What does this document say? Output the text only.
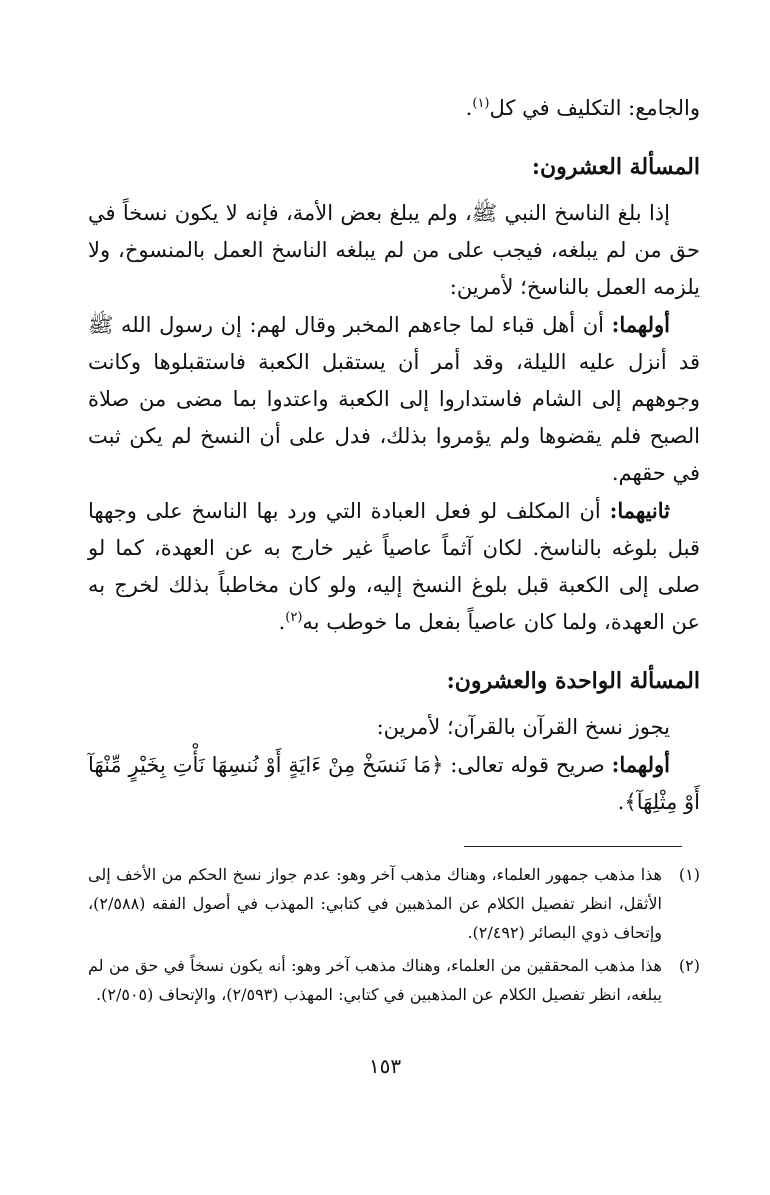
والجامع: التكليف في كل$^{(١)}$.

المسألة العشرون:

إذا بلغ الناسخ النبي ﷺ، ولم يبلغ بعض الأمة، فإنه لا يكون نسخاً في حق من لم يبلغه، فيجب على من لم يبلغه الناسخ العمل بالمنسوخ، ولا يلزمه العمل بالناسخ؛ لأمرين:

أولهما: أن أهل قباء لما جاءهم المخبر وقال لهم: إن رسول الله ﷺ قد أنزل عليه الليلة، وقد أمر أن يستقبل الكعبة فاستقبلوها وكانت وجوههم إلى الشام فاستداروا إلى الكعبة واعتدوا بما مضى من صلاة الصبح فلم يقضوها ولم يؤمروا بذلك، فدل على أن النسخ لم يكن ثبت في حقهم.

ثانيهما: أن المكلف لو فعل العبادة التي ورد بها الناسخ على وجهها قبل بلوغه بالناسخ. لكان آثماً عاصياً غير خارج به عن العهدة، كما لو صلى إلى الكعبة قبل بلوغ النسخ إليه، ولو كان مخاطباً بذلك لخرج به عن العهدة، ولما كان عاصياً بفعل ما خوطب به$^{(٢)}$.

المسألة الواحدة والعشرون:

يجوز نسخ القرآن بالقرآن؛ لأمرين:

أولهما: صريح قوله تعالى: ﴿مَا نَنسَخْ مِنْ ءَايَةٍ أَوْ نُنسِهَا نَأْتِ بِخَيْرٍ مِّنْهَآ أَوْ مِثْلِهَآ﴾.

(١)
هذا مذهب جمهور العلماء، وهناك مذهب آخر وهو: عدم جواز نسخ الحكم من الأخف إلى الأثقل، انظر تفصيل الكلام عن المذهبين في كتابي: المهذب في أصول الفقه (٢/٥٨٨)، وإتحاف ذوي البصائر (٢/٤٩٢).
(٢)
هذا مذهب المحققين من العلماء، وهناك مذهب آخر وهو: أنه يكون نسخاً في حق من لم يبلغه، انظر تفصيل الكلام عن المذهبين في كتابي: المهذب (٢/٥٩٣)، والإتحاف (٢/٥٠٥).
١٥٣
